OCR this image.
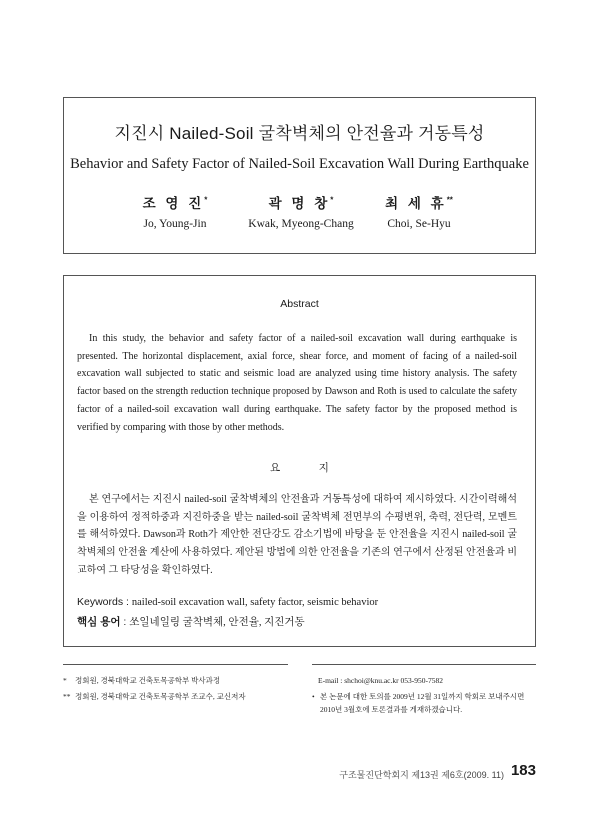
지진시 Nailed-Soil 굴착벽체의 안전율과 거동특성
Behavior and Safety Factor of Nailed-Soil Excavation Wall During Earthquake
조 영 진*
Jo, Young-Jin
곽 명 창*
Kwak, Myeong-Chang
최 세 휴**
Choi, Se-Hyu
Abstract

In this study, the behavior and safety factor of a nailed-soil excavation wall during earthquake is presented. The horizontal displacement, axial force, shear force, and moment of facing of a nailed-soil excavation wall subjected to static and seismic load are analyzed using time history analysis. The safety factor based on the strength reduction technique proposed by Dawson and Roth is used to calculate the safety factor of a nailed-soil excavation wall during earthquake. The safety factor by the proposed method is verified by comparing with those by other methods.

요 지

본 연구에서는 지진시 nailed-soil 굴착벽체의 안전율과 거동특성에 대하여 제시하였다. 시간이력해석을 이용하여 정적하중과 지진하중을 받는 nailed-soil 굴착벽체 전면부의 수평변위, 축력, 전단력, 모멘트를 해석하였다. Dawson과 Roth가 제안한 전단강도 감소기법에 바탕을 둔 안전율을 지진시 nailed-soil 굴착벽체의 안전율 계산에 사용하였다. 제안된 방법에 의한 안전율을 기존의 연구에서 산정된 안전율과 비교하여 그 타당성을 확인하였다.

Keywords : nailed-soil excavation wall, safety factor, seismic behavior
핵심 용어 : 쏘일네일링 굴착벽체, 안전율, 지진거동
* 정회원, 경북대학교 건축토목공학부 박사과정
** 정회원, 경북대학교 건축토목공학부 조교수, 교신저자
E-mail : shchoi@knu.ac.kr 053-950-7582
• 본 논문에 대한 토의를 2009년 12월 31일까지 학회로 보내주시면 2010년 3월호에 토론결과를 게재하겠습니다.
구조물진단학회지 제13권 제6호(2009. 11) 183
